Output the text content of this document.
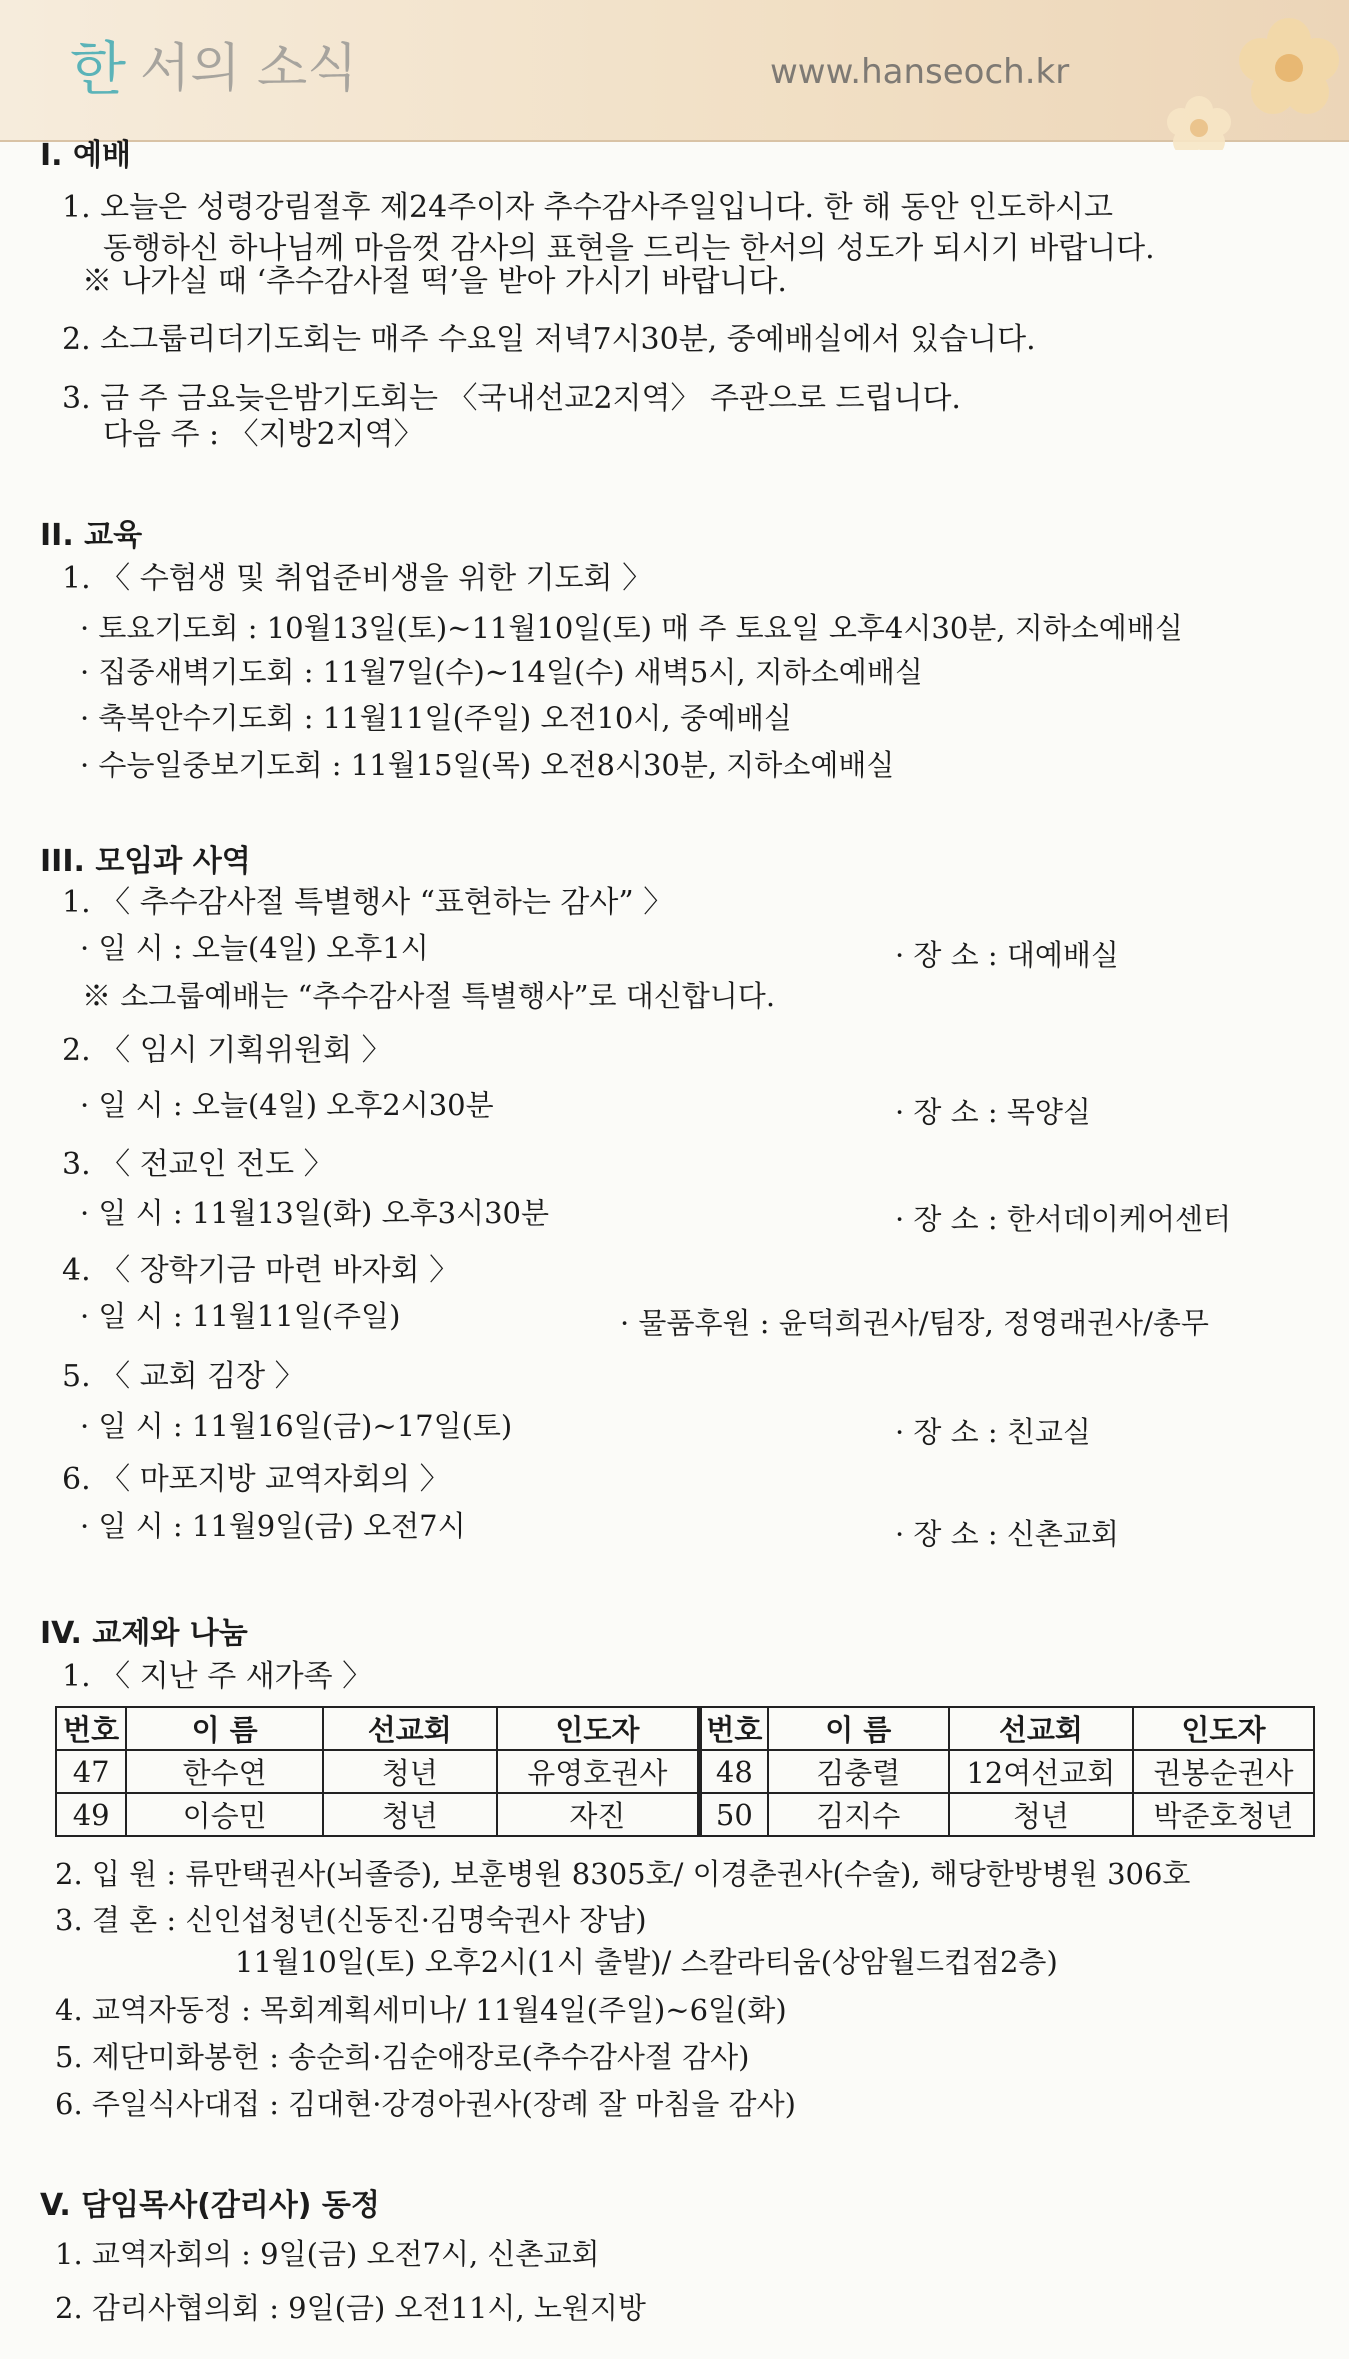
한 서의 소식	www.hanseoch.kr
I. 예배
1. 오늘은 성령강림절후 제24주이자 추수감사주일입니다. 한 해 동안 인도하시고
동행하신 하나님께 마음껏 감사의 표현을 드리는 한서의 성도가 되시기 바랍니다.
※ 나가실 때 ‘추수감사절 떡’을 받아 가시기 바랍니다.
2. 소그룹리더기도회는 매주 수요일 저녁7시30분, 중예배실에서 있습니다.
3. 금 주 금요늦은밤기도회는 〈국내선교2지역〉 주관으로 드립니다.
다음 주 : 〈지방2지역〉
II. 교육
1. 〈 수험생 및 취업준비생을 위한 기도회 〉
· 토요기도회 : 10월13일(토)~11월10일(토) 매 주 토요일 오후4시30분, 지하소예배실
· 집중새벽기도회 : 11월7일(수)~14일(수) 새벽5시, 지하소예배실
· 축복안수기도회 : 11월11일(주일) 오전10시, 중예배실
· 수능일중보기도회 : 11월15일(목) 오전8시30분, 지하소예배실
III. 모임과 사역
1. 〈 추수감사절 특별행사 “표현하는 감사” 〉
· 일 시 : 오늘(4일) 오후1시	· 장 소 : 대예배실
※ 소그룹예배는 “추수감사절 특별행사”로 대신합니다.
2. 〈 임시 기획위원회 〉
· 일 시 : 오늘(4일) 오후2시30분	· 장 소 : 목양실
3. 〈 전교인 전도 〉
· 일 시 : 11월13일(화) 오후3시30분	· 장 소 : 한서데이케어센터
4. 〈 장학기금 마련 바자회 〉
· 일 시 : 11월11일(주일)	· 물품후원 : 윤덕희권사/팀장, 정영래권사/총무
5. 〈 교회 김장 〉
· 일 시 : 11월16일(금)~17일(토)	· 장 소 : 친교실
6. 〈 마포지방 교역자회의 〉
· 일 시 : 11월9일(금) 오전7시	· 장 소 : 신촌교회
IV. 교제와 나눔
1. 〈 지난 주 새가족 〉
번호	이 름	선교회	인도자	번호	이 름	선교회	인도자
47	한수연	청년	유영호권사	48	김충렬	12여선교회	권봉순권사
49	이승민	청년	자진	50	김지수	청년	박준호청년
2. 입 원 : 류만택권사(뇌졸증), 보훈병원 8305호/ 이경춘권사(수술), 해당한방병원 306호
3. 결 혼 : 신인섭청년(신동진·김명숙권사 장남)
11월10일(토) 오후2시(1시 출발)/ 스칼라티움(상암월드컵점2층)
4. 교역자동정 : 목회계획세미나/ 11월4일(주일)~6일(화)
5. 제단미화봉헌 : 송순희·김순애장로(추수감사절 감사)
6. 주일식사대접 : 김대현·강경아권사(장례 잘 마침을 감사)
V. 담임목사(감리사) 동정
1. 교역자회의 : 9일(금) 오전7시, 신촌교회
2. 감리사협의회 : 9일(금) 오전11시, 노원지방
